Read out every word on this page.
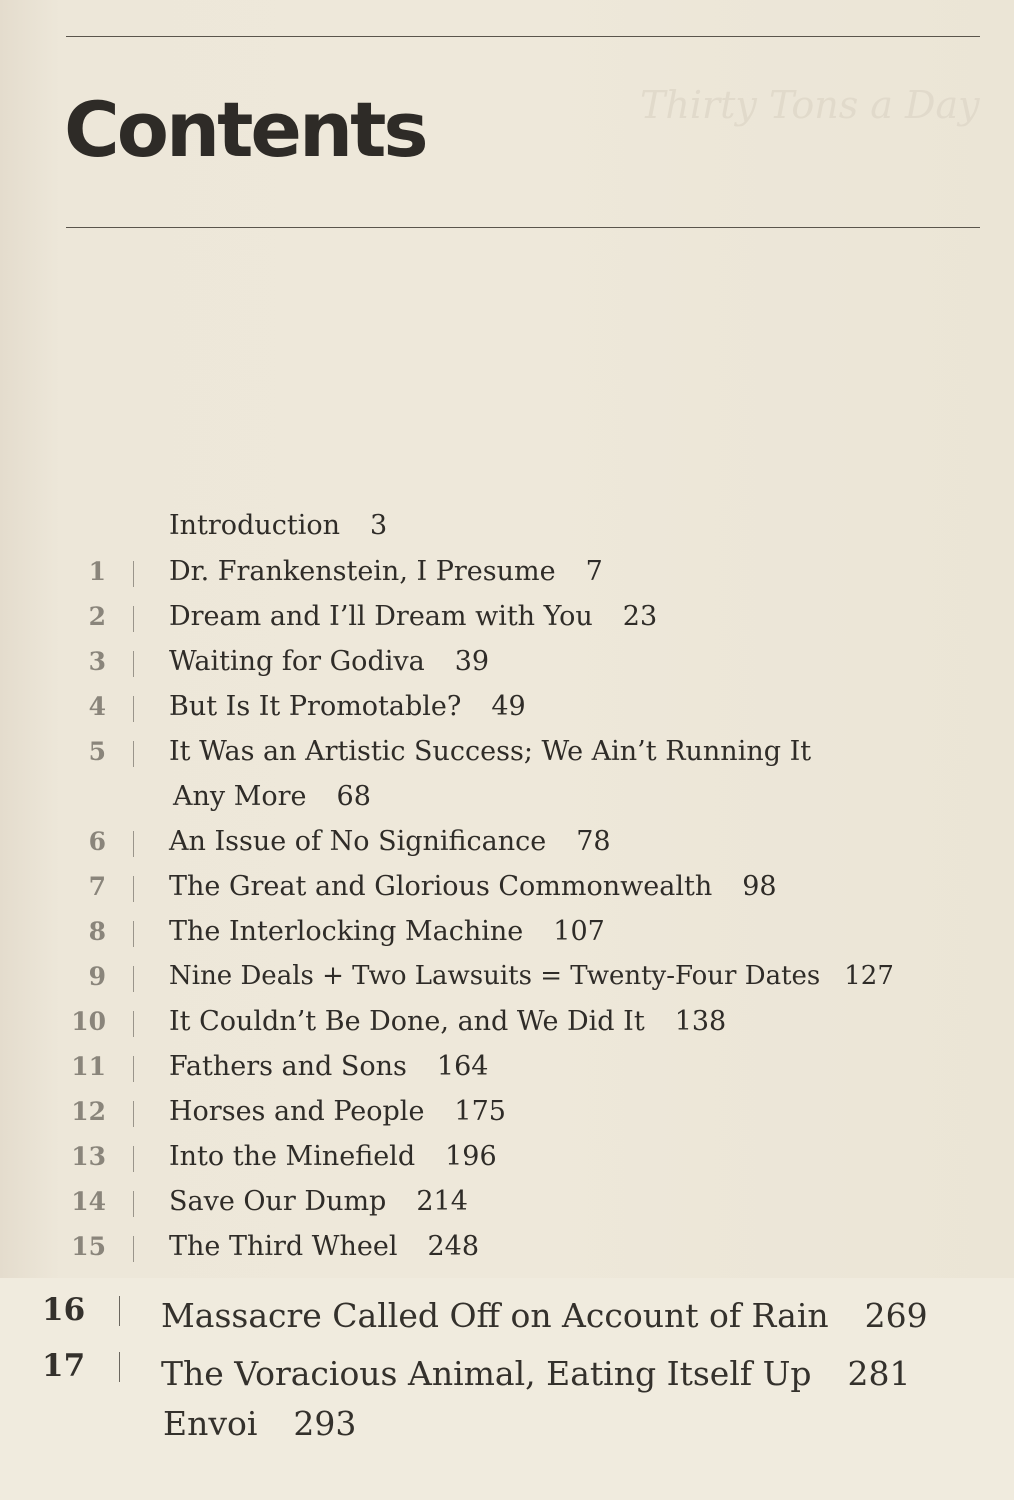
Thirty Tons a Day
Contents
Introduction 3
1 Dr. Frankenstein, I Presume 7
2 Dream and I’ll Dream with You 23
3 Waiting for Godiva 39
4 But Is It Promotable? 49
5 It Was an Artistic Success; We Ain’t Running It
Any More 68
6 An Issue of No Significance 78
7 The Great and Glorious Commonwealth 98
8 The Interlocking Machine 107
9 Nine Deals + Two Lawsuits = Twenty-Four Dates 127
10 It Couldn’t Be Done, and We Did It 138
11 Fathers and Sons 164
12 Horses and People 175
13 Into the Minefield 196
14 Save Our Dump 214
15 The Third Wheel 248
16 Massacre Called Off on Account of Rain 269
17 The Voracious Animal, Eating Itself Up 281
Envoi 293
